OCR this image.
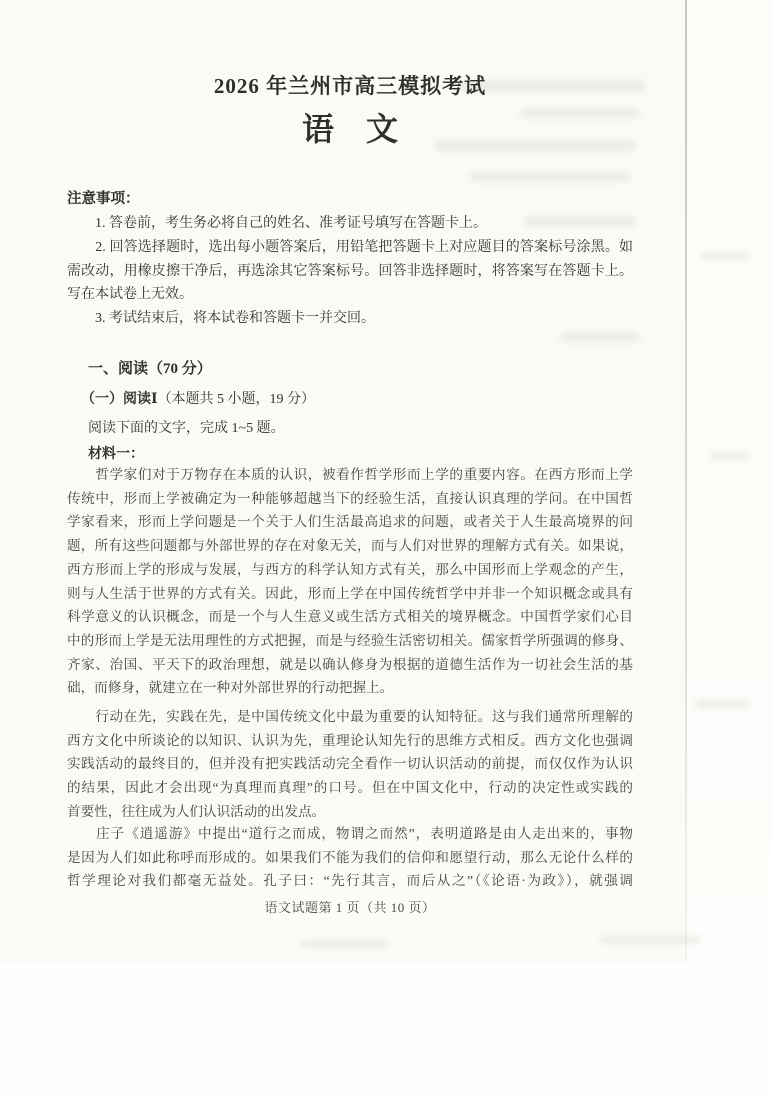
2026 年兰州市高三模拟考试
语　文
注意事项：
　　1. 答卷前，考生务必将自己的姓名、准考证号填写在答题卡上。
　　2. 回答选择题时，选出每小题答案后，用铅笔把答题卡上对应题目的答案标号涂黑。如
需改动，用橡皮擦干净后，再选涂其它答案标号。回答非选择题时，将答案写在答题卡上。
写在本试卷上无效。
　　3. 考试结束后，将本试卷和答题卡一并交回。
一、阅读（70 分）
（一）阅读Ⅰ（本题共 5 小题，19 分）
阅读下面的文字，完成 1~5 题。
材料一：
　　哲学家们对于万物存在本质的认识，被看作哲学形而上学的重要内容。在西方形而上学
传统中，形而上学被确定为一种能够超越当下的经验生活，直接认识真理的学问。在中国哲
学家看来，形而上学问题是一个关于人们生活最高追求的问题，或者关于人生最高境界的问
题，所有这些问题都与外部世界的存在对象无关，而与人们对世界的理解方式有关。如果说，
西方形而上学的形成与发展，与西方的科学认知方式有关，那么中国形而上学观念的产生，
则与人生活于世界的方式有关。因此，形而上学在中国传统哲学中并非一个知识概念或具有
科学意义的认识概念，而是一个与人生意义或生活方式相关的境界概念。中国哲学家们心目
中的形而上学是无法用理性的方式把握，而是与经验生活密切相关。儒家哲学所强调的修身、
齐家、治国、平天下的政治理想，就是以确认修身为根据的道德生活作为一切社会生活的基
础，而修身，就建立在一种对外部世界的行动把握上。
　　行动在先，实践在先，是中国传统文化中最为重要的认知特征。这与我们通常所理解的
西方文化中所谈论的以知识、认识为先，重理论认知先行的思维方式相反。西方文化也强调
实践活动的最终目的，但并没有把实践活动完全看作一切认识活动的前提，而仅仅作为认识
的结果，因此才会出现“为真理而真理”的口号。但在中国文化中，行动的决定性或实践的
首要性，往往成为人们认识活动的出发点。
　　庄子《逍遥游》中提出“道行之而成，物谓之而然”，表明道路是由人走出来的，事物
是因为人们如此称呼而形成的。如果我们不能为我们的信仰和愿望行动，那么无论什么样的
哲学理论对我们都毫无益处。孔子曰：“先行其言，而后从之”（《论语·为政》），就强调
语文试题第 1 页（共 10 页）
